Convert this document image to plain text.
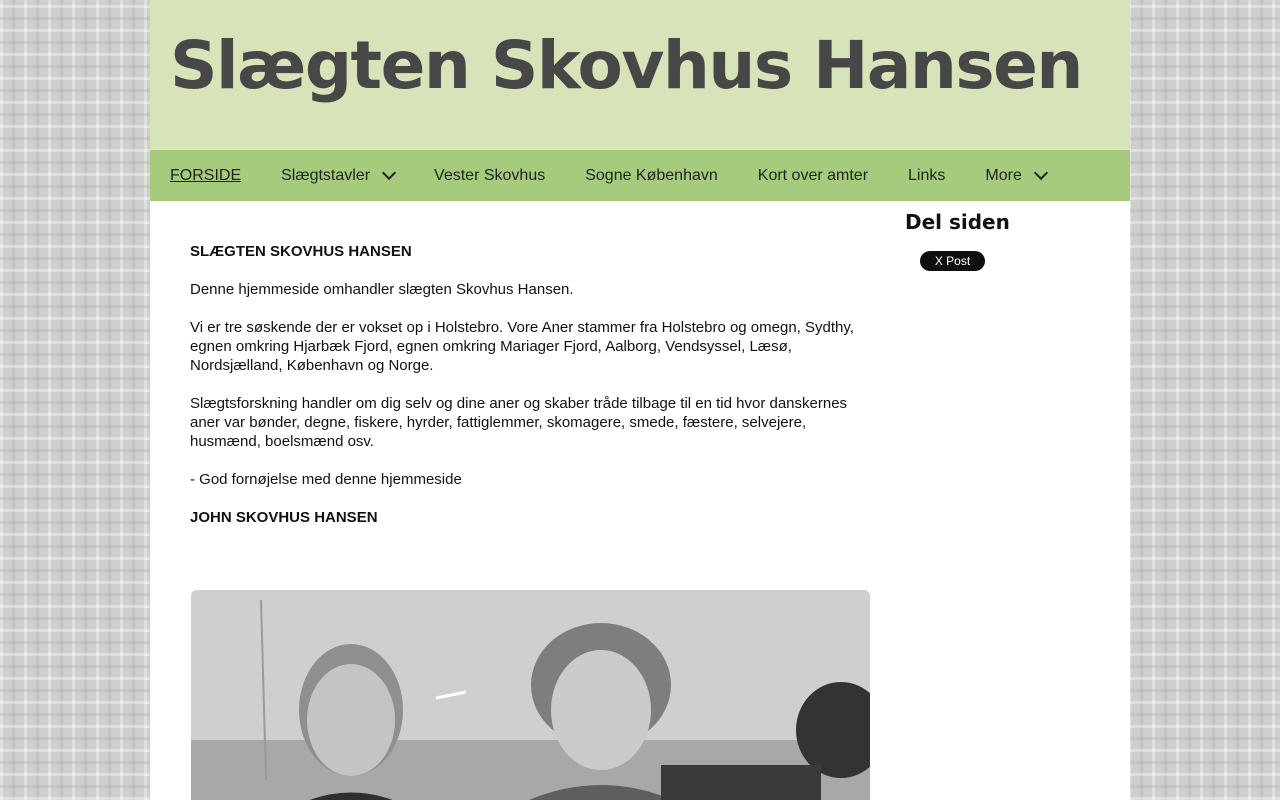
Slægten Skovhus Hansen
FORSIDE	Slægtstavler	Vester Skovhus	Sogne København	Kort over amter	Links	More

SLÆGTEN SKOVHUS HANSEN

Denne hjemmeside omhandler slægten Skovhus Hansen.

Vi er tre søskende der er vokset op i Holstebro. Vore Aner stammer fra Holstebro og omegn, Sydthy, egnen omkring Hjarbæk Fjord, egnen omkring Mariager Fjord, Aalborg, Vendsyssel, Læsø, Nordsjælland, København og Norge.

Slægtsforskning handler om dig selv og dine aner og skaber tråde tilbage til en tid hvor danskernes aner var bønder, degne, fiskere, hyrder, fattiglemmer, skomagere, smede, fæstere, selvejere, husmænd, boelsmænd osv.

- God fornøjelse med denne hjemmeside

JOHN SKOVHUS HANSEN

Del siden
X Post
